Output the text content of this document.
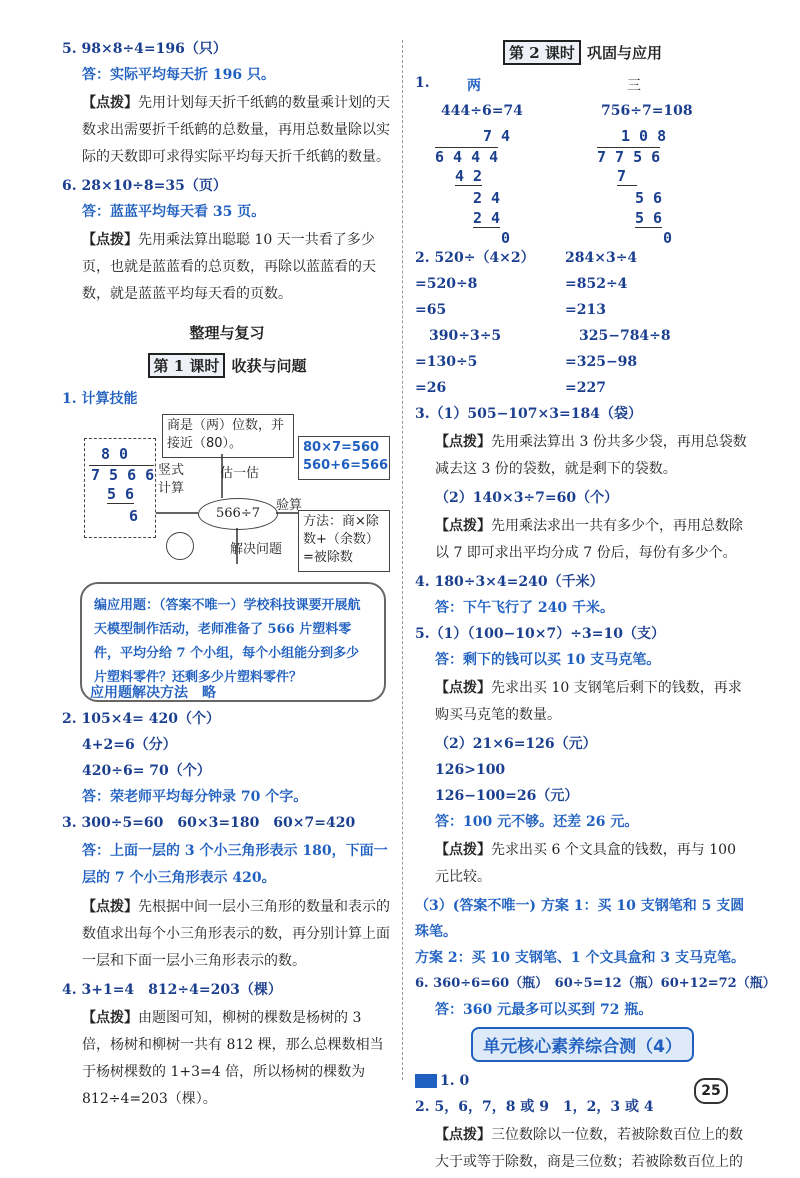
5. 98×8÷4=196（只）
答：实际平均每天折 196 只。
【点拨】先用计划每天折千纸鹤的数量乘计划的天数求出需要折千纸鹤的总数量，再用总数量除以实际的天数即可求得实际平均每天折千纸鹤的数量。
6. 28×10÷8=35（页）
答：蓝蓝平均每天看 35 页。
【点拨】先用乘法算出聪聪 10 天一共看了多少页，也就是蓝蓝看的总页数，再除以蓝蓝看的天数，就是蓝蓝平均每天看的页数。
整理与复习
第 1 课时 收获与问题
1. 计算技能
商是（两）位数，并接近（80）。	80×7=560 560+6=566
8 0
7 5 6 6
5 6
6
竖式计算
估一估
566÷7
验算
解决问题
方法：商×除数+（余数）=被除数
编应用题：（答案不唯一）学校科技课要开展航天模型制作活动，老师准备了 566 片塑料零件，平均分给 7 个小组，每个小组能分到多少片塑料零件？还剩多少片塑料零件？
应用题解决方法　略
2. 105×4= 420（个）
4+2=6（分）
420÷6= 70（个）
答：荣老师平均每分钟录 70 个字。
3. 300÷5=60　60×3=180　60×7=420
答：上面一层的 3 个小三角形表示 180，下面一层的 7 个小三角形表示 420。
【点拨】先根据中间一层小三角形的数量和表示的数值求出每个小三角形表示的数，再分别计算上面一层和下面一层小三角形表示的数。
4. 3+1=4　812÷4=203（棵）
【点拨】由题图可知，柳树的棵数是杨树的 3 倍，杨树和柳树一共有 812 棵，那么总棵数相当于杨树棵数的 1+3=4 倍，所以杨树的棵数为 812÷4=203（棵）。
第 2 课时 巩固与应用
1.	两	三
444÷6=74	756÷7=108
7 4
6 4 4 4
4 2
2 4
2 4
0
1 0 8
7 7 5 6
7
5 6
5 6
0
2. 520÷（4×2）	284×3÷4
=520÷8	=852÷4
=65	=213
390÷3÷5	325−784÷8
=130÷5	=325−98
=26	=227
3.（1）505−107×3=184（袋）
【点拨】先用乘法算出 3 份共多少袋，再用总袋数减去这 3 份的袋数，就是剩下的袋数。
（2）140×3÷7=60（个）
【点拨】先用乘法求出一共有多少个，再用总数除以 7 即可求出平均分成 7 份后，每份有多少个。
4. 180÷3×4=240（千米）
答：下午飞行了 240 千米。
5.（1）（100−10×7）÷3=10（支）
答：剩下的钱可以买 10 支马克笔。
【点拨】先求出买 10 支钢笔后剩下的钱数，再求购买马克笔的数量。
（2）21×6=126（元）
126>100
126−100=26（元）
答：100 元不够。还差 26 元。
【点拨】先求出买 6 个文具盒的钱数，再与 100 元比较。
（3）(答案不唯一) 方案 1：买 10 支钢笔和 5 支圆珠笔。
方案 2：买 10 支钢笔、1 个文具盒和 3 支马克笔。
6. 360÷6=60（瓶）　60÷5=12（瓶）60+12=72（瓶）
答：360 元最多可以买到 72 瓶。
单元核心素养综合测（4）
1. 0
2. 5，6，7，8 或 9　1，2，3 或 4
【点拨】三位数除以一位数，若被除数百位上的数大于或等于除数，商是三位数；若被除数百位上的
25
